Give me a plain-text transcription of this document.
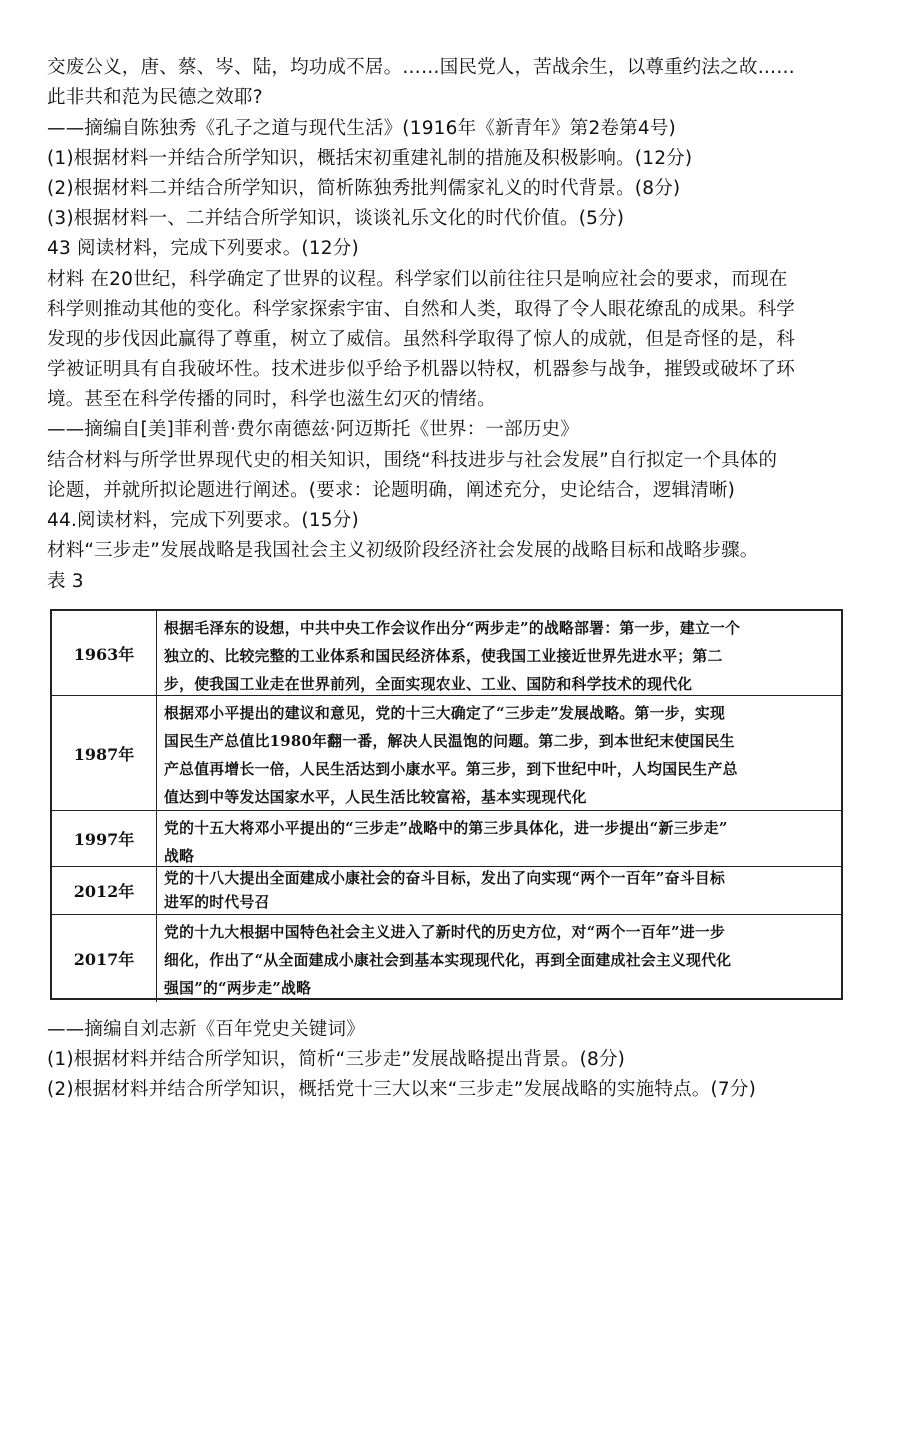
交废公义，唐、蔡、岑、陆，均功成不居。……国民党人，苦战余生，以尊重约法之故……
此非共和范为民德之效耶?
——摘编自陈独秀《孔子之道与现代生活》(1916年《新青年》第2卷第4号)
(1)根据材料一并结合所学知识，概括宋初重建礼制的措施及积极影响。(12分)
(2)根据材料二并结合所学知识，简析陈独秀批判儒家礼义的时代背景。(8分)
(3)根据材料一、二并结合所学知识，谈谈礼乐文化的时代价值。(5分)
43 阅读材料，完成下列要求。(12分)
材料 在20世纪，科学确定了世界的议程。科学家们以前往往只是响应社会的要求，而现在
科学则推动其他的变化。科学家探索宇宙、自然和人类，取得了令人眼花缭乱的成果。科学
发现的步伐因此赢得了尊重，树立了威信。虽然科学取得了惊人的成就，但是奇怪的是，科
学被证明具有自我破坏性。技术进步似乎给予机器以特权，机器参与战争，摧毁或破坏了环
境。甚至在科学传播的同时，科学也滋生幻灭的情绪。
——摘编自[美]菲利普·费尔南德兹·阿迈斯托《世界：一部历史》
结合材料与所学世界现代史的相关知识，围绕“科技进步与社会发展”自行拟定一个具体的
论题，并就所拟论题进行阐述。(要求：论题明确，阐述充分，史论结合，逻辑清晰)
44.阅读材料，完成下列要求。(15分)
材料“三步走”发展战略是我国社会主义初级阶段经济社会发展的战略目标和战略步骤。
表 3
1963年
根据毛泽东的设想，中共中央工作会议作出分“两步走”的战略部署：第一步，建立一个
独立的、比较完整的工业体系和国民经济体系，使我国工业接近世界先进水平；第二
步，使我国工业走在世界前列，全面实现农业、工业、国防和科学技术的现代化
1987年
根据邓小平提出的建议和意见，党的十三大确定了“三步走”发展战略。第一步，实现
国民生产总值比1980年翻一番，解决人民温饱的问题。第二步，到本世纪末使国民生
产总值再增长一倍，人民生活达到小康水平。第三步，到下世纪中叶，人均国民生产总
值达到中等发达国家水平，人民生活比较富裕，基本实现现代化
1997年
党的十五大将邓小平提出的“三步走”战略中的第三步具体化，进一步提出“新三步走”
战略
2012年
党的十八大提出全面建成小康社会的奋斗目标，发出了向实现“两个一百年”奋斗目标
进军的时代号召
2017年
党的十九大根据中国特色社会主义进入了新时代的历史方位，对“两个一百年”进一步
细化，作出了“从全面建成小康社会到基本实现现代化，再到全面建成社会主义现代化
强国”的“两步走”战略
——摘编自刘志新《百年党史关键词》
(1)根据材料并结合所学知识，简析“三步走”发展战略提出背景。(8分)
(2)根据材料并结合所学知识，概括党十三大以来“三步走”发展战略的实施特点。(7分)
